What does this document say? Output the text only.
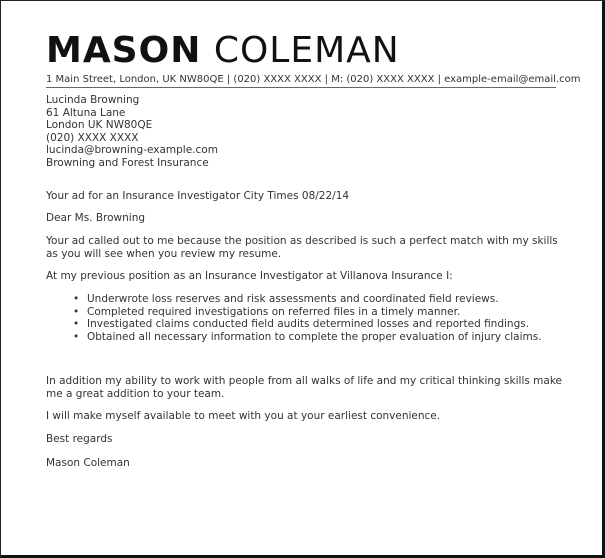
MASON COLEMAN
1 Main Street, London, UK NW80QE | (020) XXXX XXXX | M: (020) XXXX XXXX | example-email@email.com
Lucinda Browning
61 Altuna Lane
London UK NW80QE
(020) XXXX XXXX
lucinda@browning-example.com
Browning and Forest Insurance
Your ad for an Insurance Investigator City Times 08/22/14
Dear Ms. Browning
Your ad called out to me because the position as described is such a perfect match with my skills as you will see when you review my resume.
At my previous position as an Insurance Investigator at Villanova Insurance I:
• Underwrote loss reserves and risk assessments and coordinated field reviews.
• Completed required investigations on referred files in a timely manner.
• Investigated claims conducted field audits determined losses and reported findings.
• Obtained all necessary information to complete the proper evaluation of injury claims.
In addition my ability to work with people from all walks of life and my critical thinking skills make me a great addition to your team.
I will make myself available to meet with you at your earliest convenience.
Best regards
Mason Coleman
